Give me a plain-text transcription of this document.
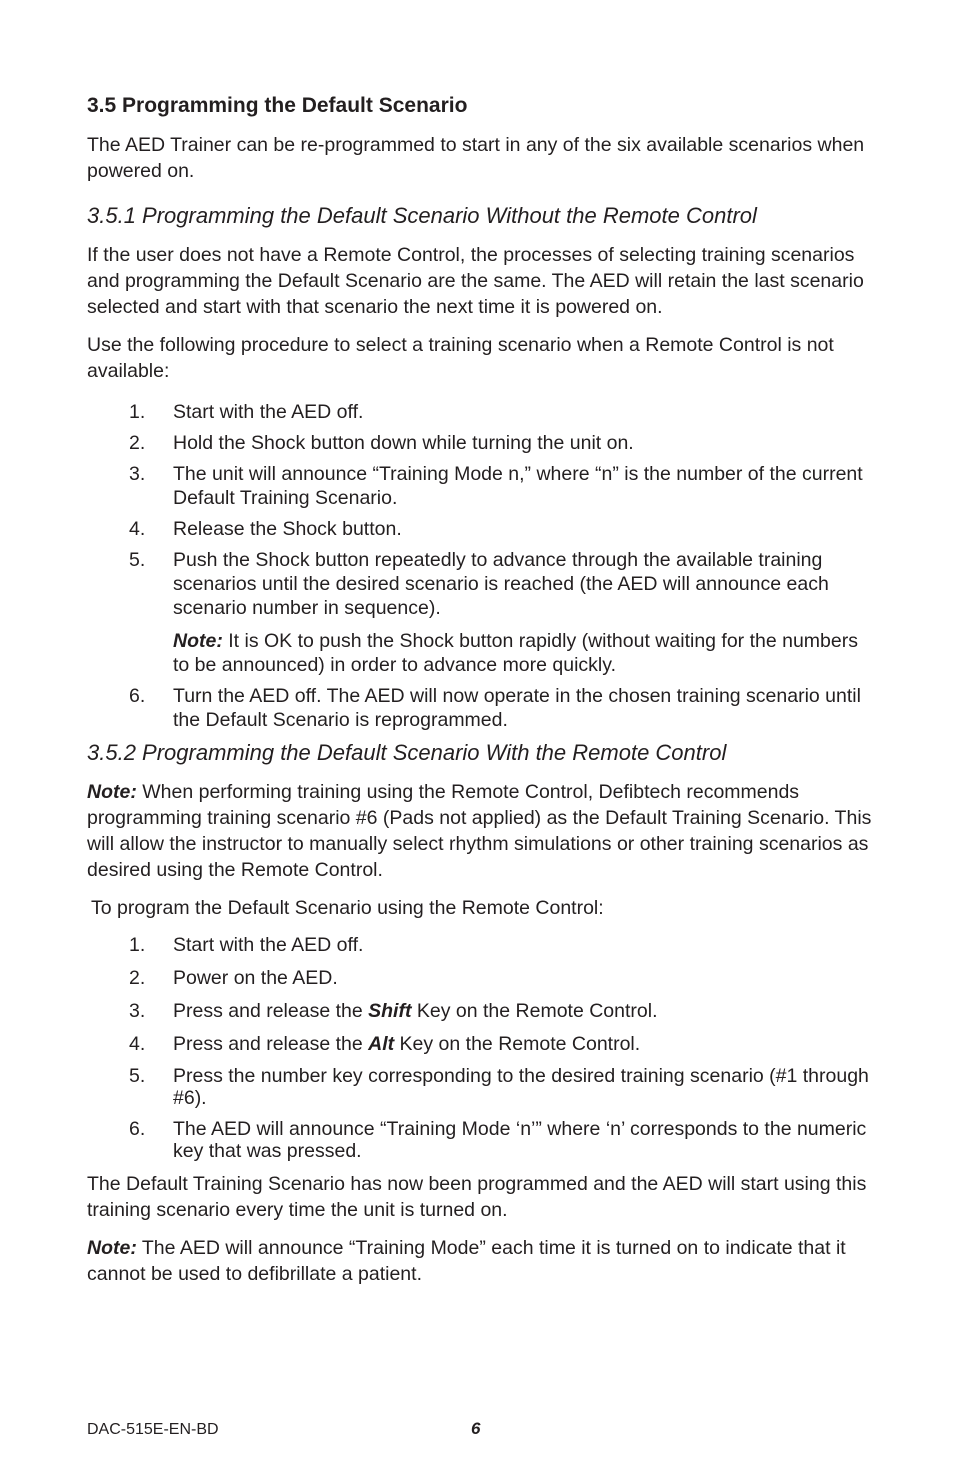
3.5 Programming the Default Scenario

The AED Trainer can be re-programmed to start in any of the six available scenarios when powered on.

3.5.1 Programming the Default Scenario Without the Remote Control

If the user does not have a Remote Control, the processes of selecting training scenarios and programming the Default Scenario are the same. The AED will retain the last scenario selected and start with that scenario the next time it is powered on.

Use the following procedure to select a training scenario when a Remote Control is not available:

1. Start with the AED off.
2. Hold the Shock button down while turning the unit on.
3. The unit will announce “Training Mode n,” where “n” is the number of the current Default Training Scenario.
4. Release the Shock button.
5. Push the Shock button repeatedly to advance through the available training scenarios until the desired scenario is reached (the AED will announce each scenario number in sequence).
Note: It is OK to push the Shock button rapidly (without waiting for the numbers to be announced) in order to advance more quickly.
6. Turn the AED off. The AED will now operate in the chosen training scenario until the Default Scenario is reprogrammed.
3.5.2 Programming the Default Scenario With the Remote Control

Note: When performing training using the Remote Control, Defibtech recommends programming training scenario #6 (Pads not applied) as the Default Training Scenario. This will allow the instructor to manually select rhythm simulations or other training scenarios as desired using the Remote Control.

To program the Default Scenario using the Remote Control:

1. Start with the AED off.
2. Power on the AED.
3. Press and release the Shift Key on the Remote Control.
4. Press and release the Alt Key on the Remote Control.
5. Press the number key corresponding to the desired training scenario (#1 through #6).
6. The AED will announce “Training Mode ‘n’” where ‘n’ corresponds to the numeric key that was pressed.

The Default Training Scenario has now been programmed and the AED will start using this training scenario every time the unit is turned on.

Note: The AED will announce “Training Mode” each time it is turned on to indicate that it cannot be used to defibrillate a patient.

DAC-515E-EN-BD	6
